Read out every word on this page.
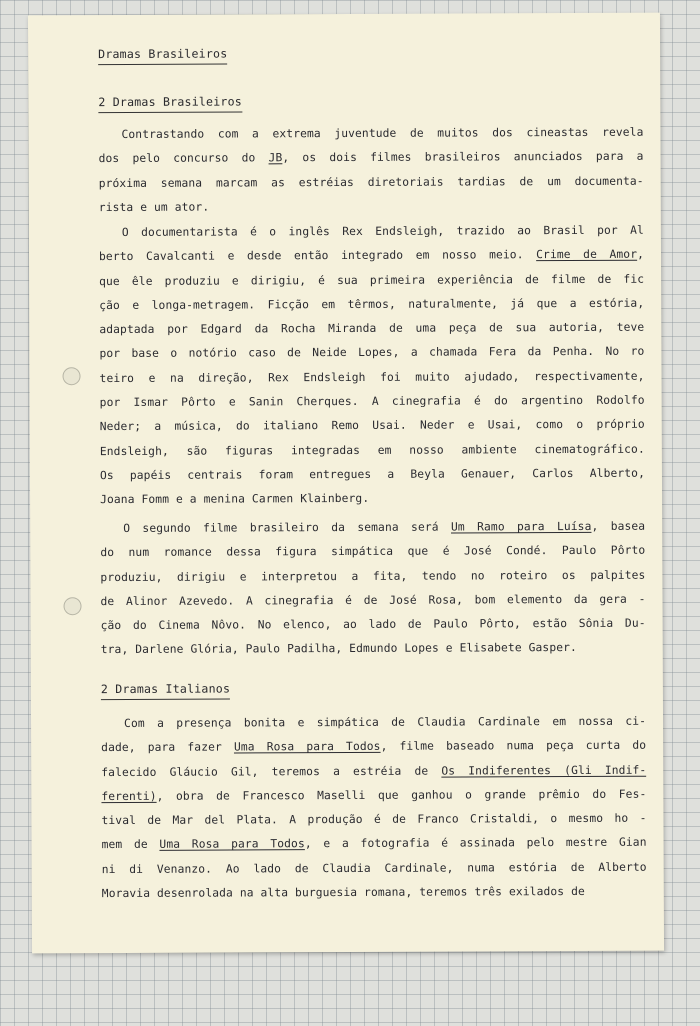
Dramas Brasileiros
2 Dramas Brasileiros
Contrastando com a extrema juventude de muitos dos cineastas revela
dos pelo concurso do JB, os dois filmes brasileiros anunciados para a
próxima semana marcam as estréias diretoriais tardias de um documenta-
rista e um ator.
O documentarista é o inglês Rex Endsleigh, trazido ao Brasil por Al
berto Cavalcanti e desde então integrado em nosso meio. Crime de Amor,
que êle produziu e dirigiu, é sua primeira experiência de filme de fic
ção e longa-metragem. Ficção em têrmos, naturalmente, já que a estória,
adaptada por Edgard da Rocha Miranda de uma peça de sua autoria, teve
por base o notório caso de Neide Lopes, a chamada Fera da Penha. No ro
teiro e na direção, Rex Endsleigh foi muito ajudado, respectivamente,
por Ismar Pôrto e Sanin Cherques. A cinegrafia é do argentino Rodolfo
Neder; a música, do italiano Remo Usai. Neder e Usai, como o próprio
Endsleigh, são figuras integradas em nosso ambiente cinematográfico.
Os papéis centrais foram entregues a Beyla Genauer, Carlos Alberto,
Joana Fomm e a menina Carmen Klainberg.
O segundo filme brasileiro da semana será Um Ramo para Luísa, basea
do num romance dessa figura simpática que é José Condé. Paulo Pôrto
produziu, dirigiu e interpretou a fita, tendo no roteiro os palpites
de Alinor Azevedo. A cinegrafia é de José Rosa, bom elemento da gera -
ção do Cinema Nôvo. No elenco, ao lado de Paulo Pôrto, estão Sônia Du-
tra, Darlene Glória, Paulo Padilha, Edmundo Lopes e Elisabete Gasper.
2 Dramas Italianos
Com a presença bonita e simpática de Claudia Cardinale em nossa ci-
dade, para fazer Uma Rosa para Todos, filme baseado numa peça curta do
falecido Gláucio Gil, teremos a estréia de Os Indiferentes (Gli Indif-
ferenti), obra de Francesco Maselli que ganhou o grande prêmio do Fes-
tival de Mar del Plata. A produção é de Franco Cristaldi, o mesmo ho -
mem de Uma Rosa para Todos, e a fotografia é assinada pelo mestre Gian
ni di Venanzo. Ao lado de Claudia Cardinale, numa estória de Alberto
Moravia desenrolada na alta burguesia romana, teremos três exilados de
